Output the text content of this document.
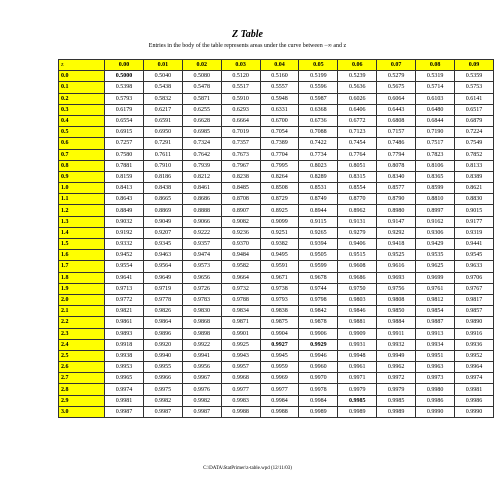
Z Table
Entries in the body of the table represents areas under the curve between −∞ and z
z	0.00	0.01	0.02	0.03	0.04	0.05	0.06	0.07	0.08	0.09
0.0	0.5000	0.5040	0.5080	0.5120	0.5160	0.5199	0.5239	0.5279	0.5319	0.5359
0.1	0.5398	0.5438	0.5478	0.5517	0.5557	0.5596	0.5636	0.5675	0.5714	0.5753
0.2	0.5793	0.5832	0.5871	0.5910	0.5948	0.5987	0.6026	0.6064	0.6103	0.6141
0.3	0.6179	0.6217	0.6255	0.6293	0.6331	0.6368	0.6406	0.6443	0.6480	0.6517
0.4	0.6554	0.6591	0.6628	0.6664	0.6700	0.6736	0.6772	0.6808	0.6844	0.6879
0.5	0.6915	0.6950	0.6985	0.7019	0.7054	0.7088	0.7123	0.7157	0.7190	0.7224
0.6	0.7257	0.7291	0.7324	0.7357	0.7389	0.7422	0.7454	0.7486	0.7517	0.7549
0.7	0.7580	0.7611	0.7642	0.7673	0.7704	0.7734	0.7764	0.7794	0.7823	0.7852
0.8	0.7881	0.7910	0.7939	0.7967	0.7995	0.8023	0.8051	0.8078	0.8106	0.8133
0.9	0.8159	0.8186	0.8212	0.8238	0.8264	0.8289	0.8315	0.8340	0.8365	0.8389
1.0	0.8413	0.8438	0.8461	0.8485	0.8508	0.8531	0.8554	0.8577	0.8599	0.8621
1.1	0.8643	0.8665	0.8686	0.8708	0.8729	0.8749	0.8770	0.8790	0.8810	0.8830
1.2	0.8849	0.8869	0.8888	0.8907	0.8925	0.8944	0.8962	0.8980	0.8997	0.9015
1.3	0.9032	0.9049	0.9066	0.9082	0.9099	0.9115	0.9131	0.9147	0.9162	0.9177
1.4	0.9192	0.9207	0.9222	0.9236	0.9251	0.9265	0.9279	0.9292	0.9306	0.9319
1.5	0.9332	0.9345	0.9357	0.9370	0.9382	0.9394	0.9406	0.9418	0.9429	0.9441
1.6	0.9452	0.9463	0.9474	0.9484	0.9495	0.9505	0.9515	0.9525	0.9535	0.9545
1.7	0.9554	0.9564	0.9573	0.9582	0.9591	0.9599	0.9608	0.9616	0.9625	0.9633
1.8	0.9641	0.9649	0.9656	0.9664	0.9671	0.9678	0.9686	0.9693	0.9699	0.9706
1.9	0.9713	0.9719	0.9726	0.9732	0.9738	0.9744	0.9750	0.9756	0.9761	0.9767
2.0	0.9772	0.9778	0.9783	0.9788	0.9793	0.9798	0.9803	0.9808	0.9812	0.9817
2.1	0.9821	0.9826	0.9830	0.9834	0.9838	0.9842	0.9846	0.9850	0.9854	0.9857
2.2	0.9861	0.9864	0.9868	0.9871	0.9875	0.9878	0.9881	0.9884	0.9887	0.9890
2.3	0.9893	0.9896	0.9898	0.9901	0.9904	0.9906	0.9909	0.9911	0.9913	0.9916
2.4	0.9918	0.9920	0.9922	0.9925	0.9927	0.9929	0.9931	0.9932	0.9934	0.9936
2.5	0.9938	0.9940	0.9941	0.9943	0.9945	0.9946	0.9948	0.9949	0.9951	0.9952
2.6	0.9953	0.9955	0.9956	0.9957	0.9959	0.9960	0.9961	0.9962	0.9963	0.9964
2.7	0.9965	0.9966	0.9967	0.9968	0.9969	0.9970	0.9971	0.9972	0.9973	0.9974
2.8	0.9974	0.9975	0.9976	0.9977	0.9977	0.9978	0.9979	0.9979	0.9980	0.9981
2.9	0.9981	0.9982	0.9982	0.9983	0.9984	0.9984	0.9985	0.9985	0.9986	0.9986
3.0	0.9987	0.9987	0.9987	0.9988	0.9988	0.9989	0.9989	0.9989	0.9990	0.9990
C:\DATA\StatPrimer\z-table.wpd (12/11/03)
